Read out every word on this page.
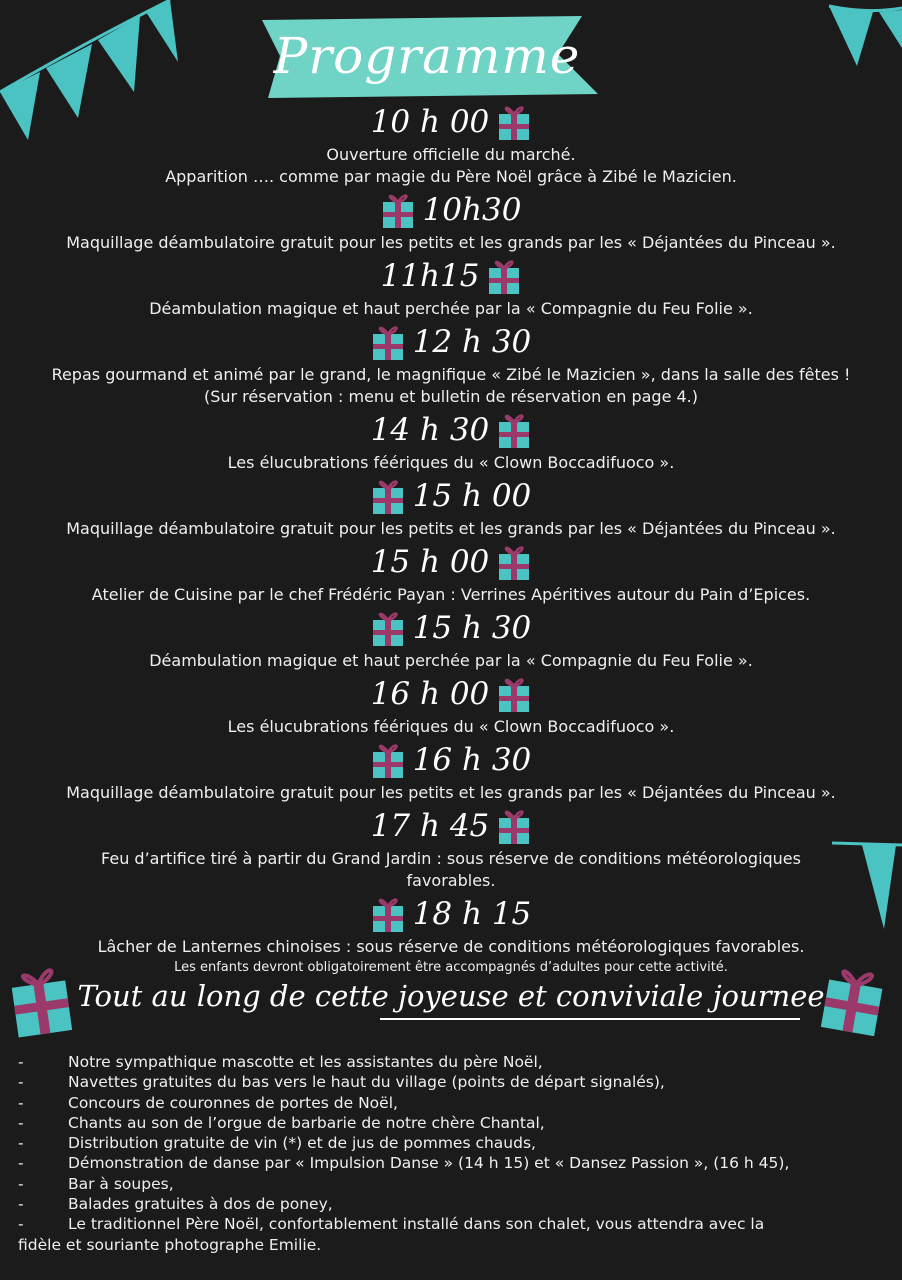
Programme
10 h 00
Ouverture officielle du marché.
Apparition …. comme par magie du Père Noël grâce à Zibé le Mazicien.
10h30
Maquillage déambulatoire gratuit pour les petits et les grands par les « Déjantées du Pinceau ».
11h15
Déambulation magique et haut perchée par la « Compagnie du Feu Folie ».
12 h 30
Repas gourmand et animé par le grand, le magnifique « Zibé le Mazicien », dans la salle des fêtes !
(Sur réservation : menu et bulletin de réservation en page 4.)
14 h 30
Les élucubrations féériques du « Clown Boccadifuoco ».
15 h 00
Maquillage déambulatoire gratuit pour les petits et les grands par les « Déjantées du Pinceau ».
15 h 00
Atelier de Cuisine par le chef Frédéric Payan : Verrines Apéritives autour du Pain d’Epices.
15 h 30
Déambulation magique et haut perchée par la « Compagnie du Feu Folie ».
16 h 00
Les élucubrations féériques du « Clown Boccadifuoco ».
16 h 30
Maquillage déambulatoire gratuit pour les petits et les grands par les « Déjantées du Pinceau ».
17 h 45
Feu d’artifice tiré à partir du Grand Jardin : sous réserve de conditions météorologiques
favorables.
18 h 15
Lâcher de Lanternes chinoises : sous réserve de conditions météorologiques favorables.
Les enfants devront obligatoirement être accompagnés d’adultes pour cette activité.
Tout au long de cette joyeuse et conviviale journee
-	Notre sympathique mascotte et les assistantes du père Noël,
-	Navettes gratuites du bas vers le haut du village (points de départ signalés),
-	Concours de couronnes de portes de Noël,
-	Chants au son de l’orgue de barbarie de notre chère Chantal,
-	Distribution gratuite de vin (*) et de jus de pommes chauds,
-	Démonstration de danse par « Impulsion Danse » (14 h 15) et « Dansez Passion », (16 h 45),
-	Bar à soupes,
-	Balades gratuites à dos de poney,
-	Le traditionnel Père Noël, confortablement installé dans son chalet, vous attendra avec la
fidèle et souriante photographe Emilie.
